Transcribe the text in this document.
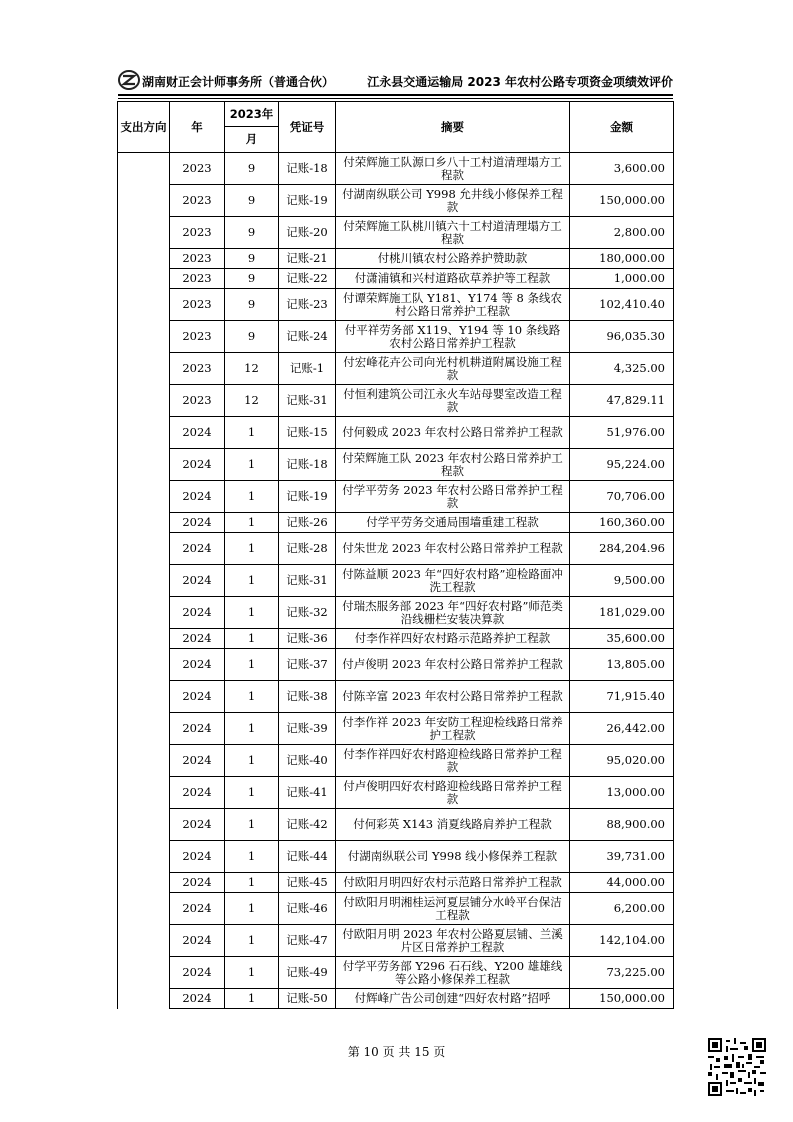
湖南财正会计师事务所（普通合伙）	江永县交通运输局 2023 年农村公路专项资金项绩效评价
支出方向	年	2023年	凭证号	摘要	金额
		月			
	2023	9	记账-18	付荣辉施工队源口乡八十工村道清理塌方工程款	3,600.00
	2023	9	记账-19	付湖南纵联公司 Y998 允井线小修保养工程款	150,000.00
	2023	9	记账-20	付荣辉施工队桃川镇六十工村道清理塌方工程款	2,800.00
	2023	9	记账-21	付桃川镇农村公路养护赞助款	180,000.00
	2023	9	记账-22	付潇浦镇和兴村道路砍草养护等工程款	1,000.00
	2023	9	记账-23	付谭荣辉施工队 Y181、Y174 等 8 条线农村公路日常养护工程款	102,410.40
	2023	9	记账-24	付平祥劳务部 X119、Y194 等 10 条线路农村公路日常养护工程款	96,035.30
	2023	12	记账-1	付宏峰花卉公司向光村机耕道附属设施工程款	4,325.00
	2023	12	记账-31	付恒利建筑公司江永火车站母婴室改造工程款	47,829.11
	2024	1	记账-15	付何毅成 2023 年农村公路日常养护工程款	51,976.00
	2024	1	记账-18	付荣辉施工队 2023 年农村公路日常养护工程款	95,224.00
	2024	1	记账-19	付学平劳务 2023 年农村公路日常养护工程款	70,706.00
	2024	1	记账-26	付学平劳务交通局围墙重建工程款	160,360.00
	2024	1	记账-28	付朱世龙 2023 年农村公路日常养护工程款	284,204.96
	2024	1	记账-31	付陈益顺 2023 年“四好农村路”迎检路面冲洗工程款	9,500.00
	2024	1	记账-32	付瑞杰服务部 2023 年“四好农村路”师范类沿线栅栏安装决算款	181,029.00
	2024	1	记账-36	付李作祥四好农村路示范路养护工程款	35,600.00
	2024	1	记账-37	付卢俊明 2023 年农村公路日常养护工程款	13,805.00
	2024	1	记账-38	付陈辛富 2023 年农村公路日常养护工程款	71,915.40
	2024	1	记账-39	付李作祥 2023 年安防工程迎检线路日常养护工程款	26,442.00
	2024	1	记账-40	付李作祥四好农村路迎检线路日常养护工程款	95,020.00
	2024	1	记账-41	付卢俊明四好农村路迎检线路日常养护工程款	13,000.00
	2024	1	记账-42	付何彩英 X143 消夏线路肩养护工程款	88,900.00
	2024	1	记账-44	付湖南纵联公司 Y998 线小修保养工程款	39,731.00
	2024	1	记账-45	付欧阳月明四好农村示范路日常养护工程款	44,000.00
	2024	1	记账-46	付欧阳月明湘桂运河夏层铺分水岭平台保洁工程款	6,200.00
	2024	1	记账-47	付欧阳月明 2023 年农村公路夏层铺、兰溪片区日常养护工程款	142,104.00
	2024	1	记账-49	付学平劳务部 Y296 石石线、Y200 雄雄线等公路小修保养工程款	73,225.00
	2024	1	记账-50	付辉峰广告公司创建“四好农村路”招呼	150,000.00
第 10 页 共 15 页
